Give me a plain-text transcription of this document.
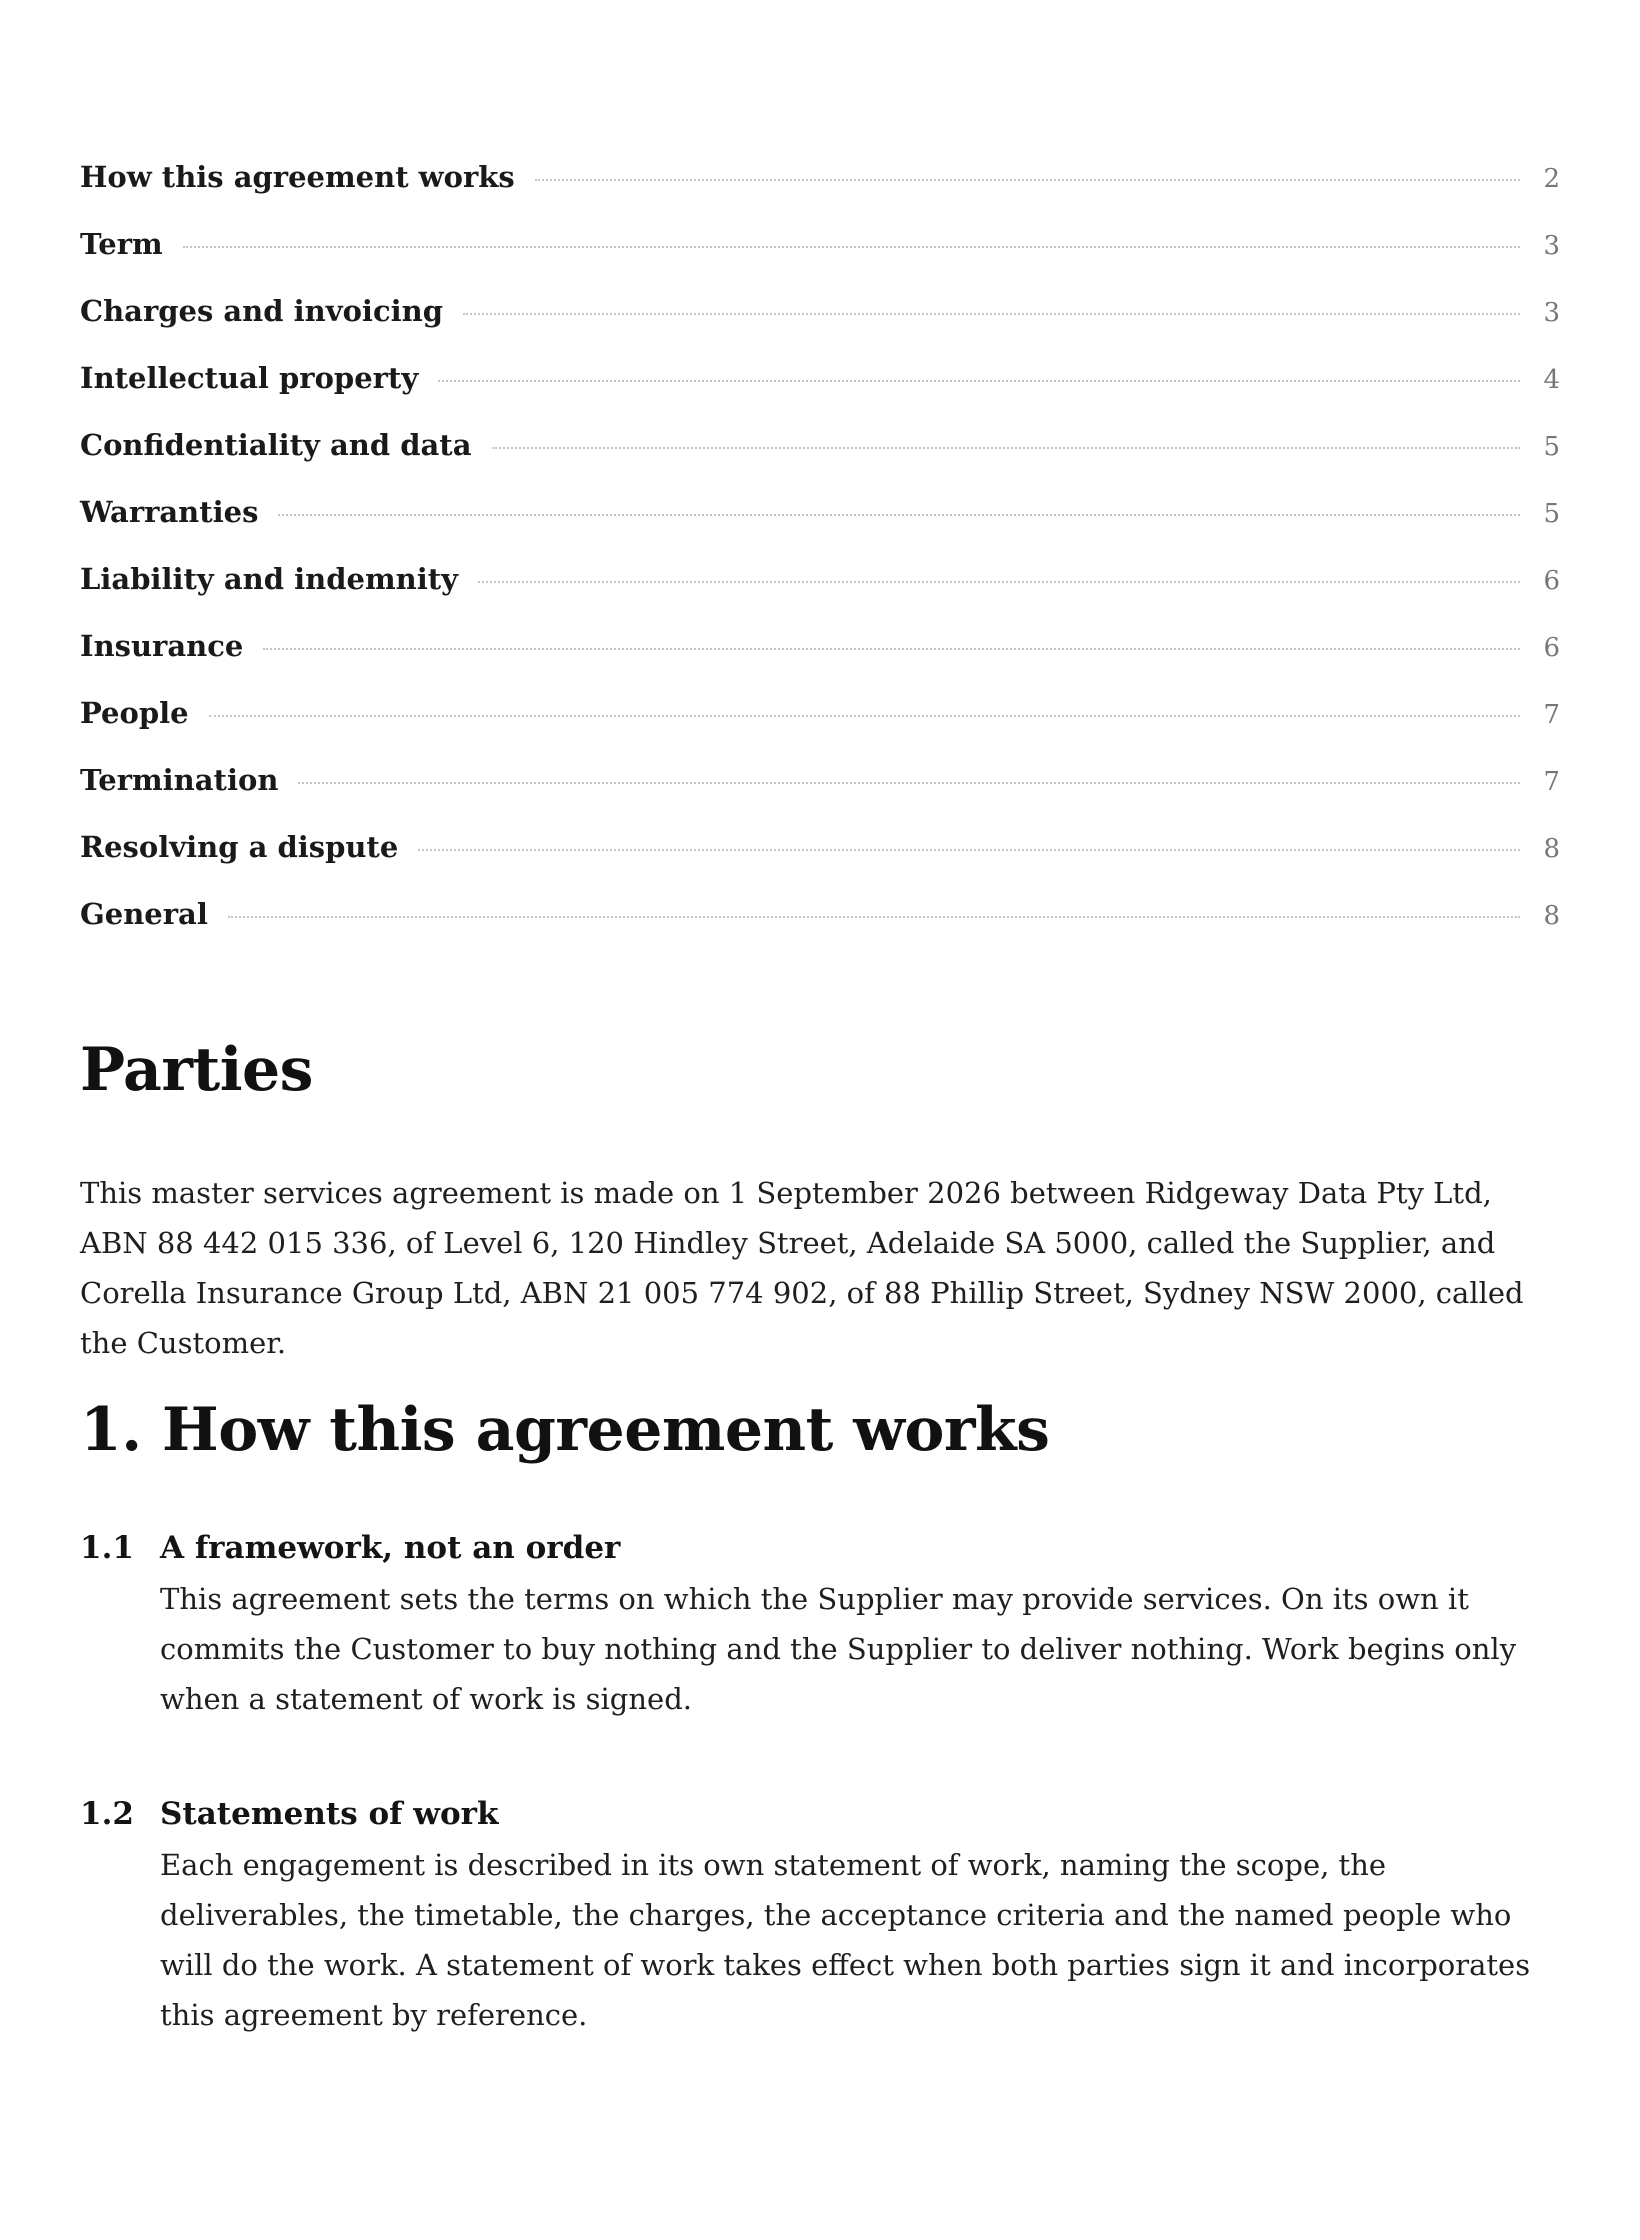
How this agreement works	2
Term	3
Charges and invoicing	3
Intellectual property	4
Confidentiality and data	5
Warranties	5
Liability and indemnity	6
Insurance	6
People	7
Termination	7
Resolving a dispute	8
General	8
Parties

This master services agreement is made on 1 September 2026 between Ridgeway Data Pty Ltd, ABN 88 442 015 336, of Level 6, 120 Hindley Street, Adelaide SA 5000, called the Supplier, and Corella Insurance Group Ltd, ABN 21 005 774 902, of 88 Phillip Street, Sydney NSW 2000, called the Customer.

1. How this agreement works
1.1 A framework, not an order

This agreement sets the terms on which the Supplier may provide services. On its own it commits the Customer to buy nothing and the Supplier to deliver nothing. Work begins only when a statement of work is signed.

1.2 Statements of work

Each engagement is described in its own statement of work, naming the scope, the deliverables, the timetable, the charges, the acceptance criteria and the named people who will do the work. A statement of work takes effect when both parties sign it and incorporates this agreement by reference.
